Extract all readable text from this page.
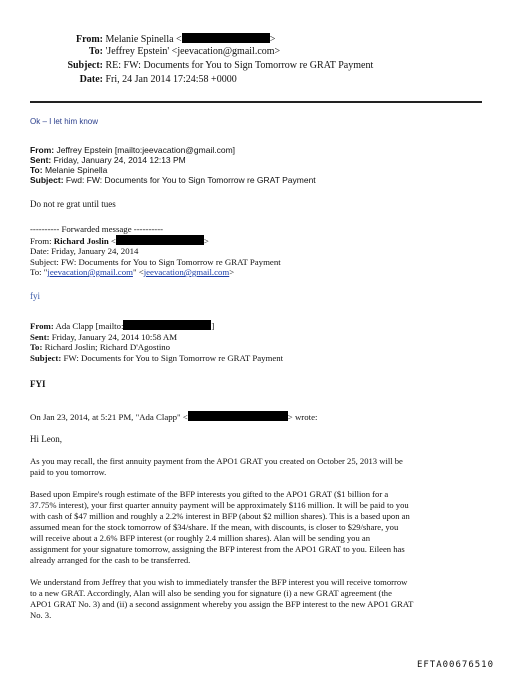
From: Melanie Spinella <	>
To: 'Jeffrey Epstein' <jeevacation@gmail.com>
Subject: RE: FW: Documents for You to Sign Tomorrow re GRAT Payment
Date: Fri, 24 Jan 2014 17:24:58 +0000
Ok – I let him know
From: Jeffrey Epstein [mailto:jeevacation@gmail.com]
Sent: Friday, January 24, 2014 12:13 PM
To: Melanie Spinella
Subject: Fwd: FW: Documents for You to Sign Tomorrow re GRAT Payment
Do not re grat until tues
---------- Forwarded message ----------
From: Richard Joslin <	>
Date: Friday, January 24, 2014
Subject: FW: Documents for You to Sign Tomorrow re GRAT Payment
To: "jeevacation@gmail.com" <jeevacation@gmail.com>
fyi
From: Ada Clapp [mailto:	]
Sent: Friday, January 24, 2014 10:58 AM
To: Richard Joslin; Richard D'Agostino
Subject: FW: Documents for You to Sign Tomorrow re GRAT Payment
FYI
On Jan 23, 2014, at 5:21 PM, "Ada Clapp" <	> wrote:
Hi Leon,
As you may recall, the first annuity payment from the APO1 GRAT you created on October 25, 2013 will be
paid to you tomorrow.
Based upon Empire's rough estimate of the BFP interests you gifted to the APO1 GRAT ($1 billion for a
37.75% interest), your first quarter annuity payment will be approximately $116 million. It will be paid to you
with cash of $47 million and roughly a 2.2% interest in BFP (about $2 million shares). This is a based upon an
assumed mean for the stock tomorrow of $34/share. If the mean, with discounts, is closer to $29/share, you
will receive about a 2.6% BFP interest (or roughly 2.4 million shares). Alan will be sending you an
assignment for your signature tomorrow, assigning the BFP interest from the APO1 GRAT to you. Eileen has
already arranged for the cash to be transferred.
We understand from Jeffrey that you wish to immediately transfer the BFP interest you will receive tomorrow
to a new GRAT. Accordingly, Alan will also be sending you for signature (i) a new GRAT agreement (the
APO1 GRAT No. 3) and (ii) a second assignment whereby you assign the BFP interest to the new APO1 GRAT
No. 3.
EFTA00676510
